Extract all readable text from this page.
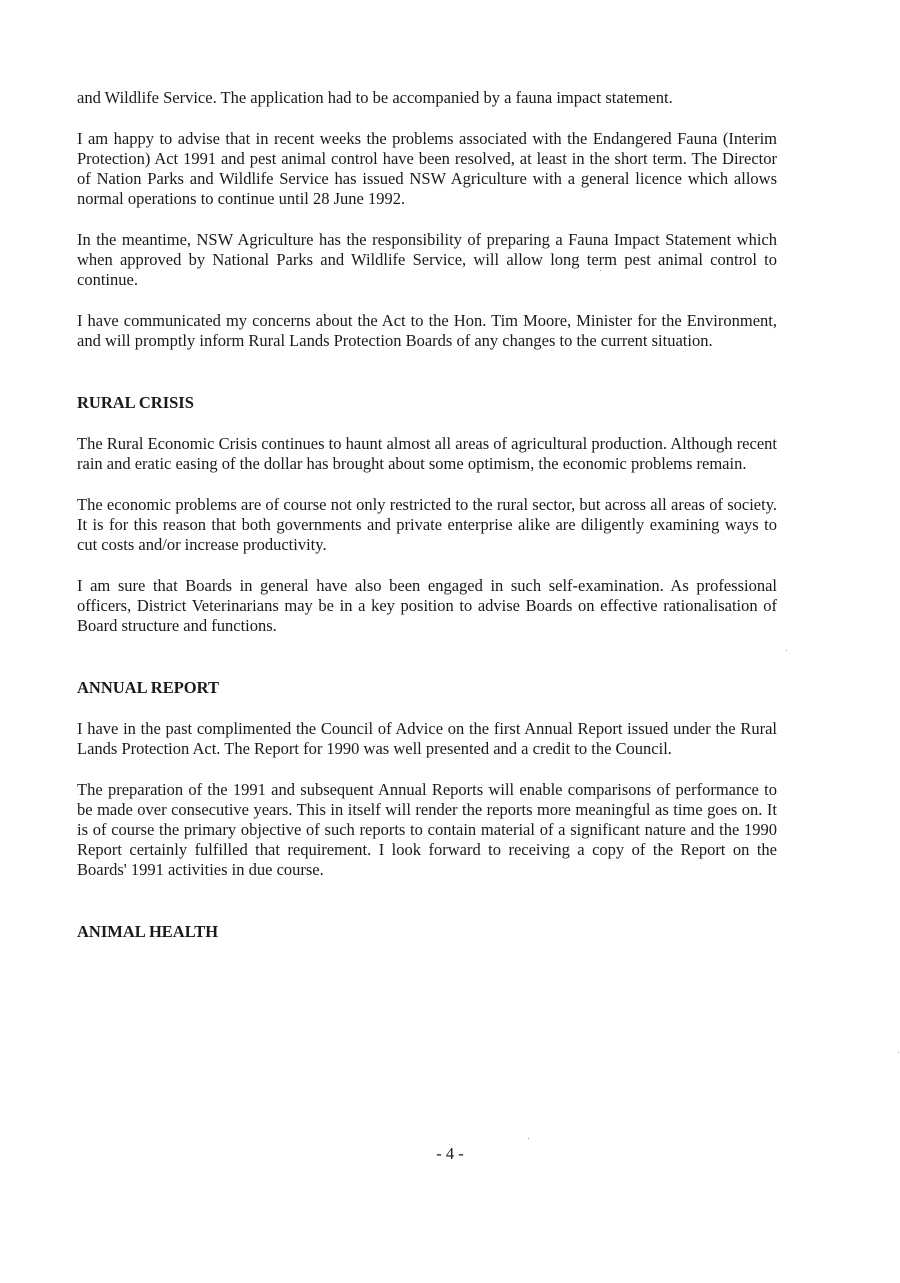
and Wildlife Service. The application had to be accompanied by a fauna impact statement.

I am happy to advise that in recent weeks the problems associated with the Endangered Fauna (Interim Protection) Act 1991 and pest animal control have been resolved, at least in the short term. The Director of Nation Parks and Wildlife Service has issued NSW Agriculture with a general licence which allows normal operations to continue until 28 June 1992.

In the meantime, NSW Agriculture has the responsibility of preparing a Fauna Impact Statement which when approved by National Parks and Wildlife Service, will allow long term pest animal control to continue.

I have communicated my concerns about the Act to the Hon. Tim Moore, Minister for the Environment, and will promptly inform Rural Lands Protection Boards of any changes to the current situation.

RURAL CRISIS

The Rural Economic Crisis continues to haunt almost all areas of agricultural production. Although recent rain and eratic easing of the dollar has brought about some optimism, the economic problems remain.

The economic problems are of course not only restricted to the rural sector, but across all areas of society. It is for this reason that both governments and private enterprise alike are diligently examining ways to cut costs and/or increase productivity.

I am sure that Boards in general have also been engaged in such self-examination. As professional officers, District Veterinarians may be in a key position to advise Boards on effective rationalisation of Board structure and functions.

ANNUAL REPORT

I have in the past complimented the Council of Advice on the first Annual Report issued under the Rural Lands Protection Act. The Report for 1990 was well presented and a credit to the Council.

The preparation of the 1991 and subsequent Annual Reports will enable comparisons of performance to be made over consecutive years. This in itself will render the reports more meaningful as time goes on. It is of course the primary objective of such reports to contain material of a significant nature and the 1990 Report certainly fulfilled that requirement. I look forward to receiving a copy of the Report on the Boards' 1991 activities in due course.

ANIMAL HEALTH
- 4 -
